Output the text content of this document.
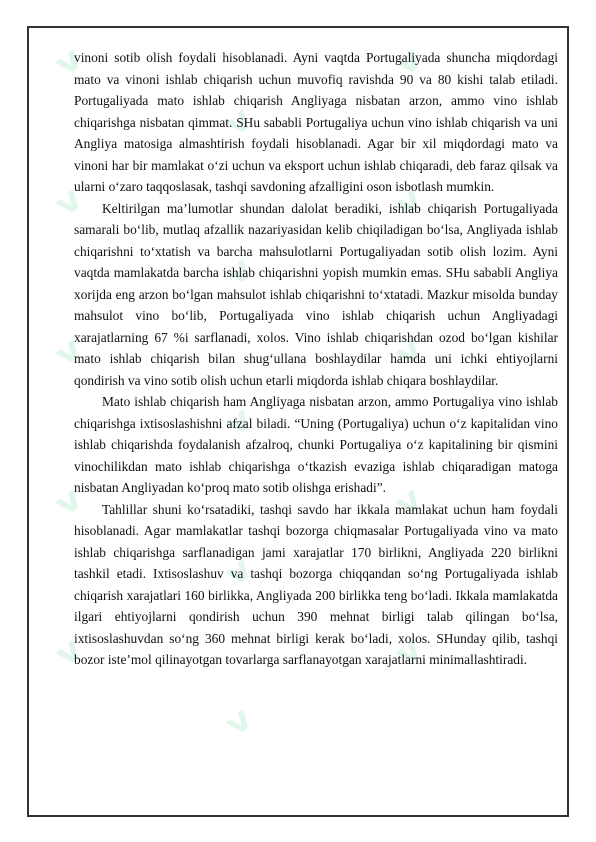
ᵛ
ᵛ
ᵛ
ᵛ
ᵛ
ᵛ
ᵛ
ᵛ
ᵛ
ᵛ
ᵛ
ᵛ
ᵛ
ᵛ
ᵛ

vinoni sotib olish foydali hisoblanadi. Ayni vaqtda Portugaliyada shuncha miqdordagi mato va vinoni ishlab chiqarish uchun muvofiq ravishda 90 va 80 kishi talab etiladi. Portugaliyada mato ishlab chiqarish Angliyaga nisbatan arzon, ammo vino ishlab chiqarishga nisbatan qimmat. SHu sababli Portugaliya uchun vino ishlab chiqarish va uni Angliya matosiga almashtirish foydali hisoblanadi. Agar bir xil miqdordagi mato va vinoni har bir mamlakat o‘zi uchun va eksport uchun ishlab chiqaradi, deb faraz qilsak va ularni o‘zaro taqqoslasak, tashqi savdoning afzalligini oson isbotlash mumkin.

Keltirilgan ma’lumotlar shundan dalolat beradiki, ishlab chiqarish Portugaliyada samarali bo‘lib, mutlaq afzallik nazariyasidan kelib chiqiladigan bo‘lsa, Angliyada ishlab chiqarishni to‘xtatish va barcha mahsulotlarni Portugaliyadan sotib olish lozim. Ayni vaqtda mamlakatda barcha ishlab chiqarishni yopish mumkin emas. SHu sababli Angliya xorijda eng arzon bo‘lgan mahsulot ishlab chiqarishni to‘xtatadi. Mazkur misolda bunday mahsulot vino bo‘lib, Portugaliyada vino ishlab chiqarish uchun Angliyadagi xarajatlarning 67 %i sarflanadi, xolos. Vino ishlab chiqarishdan ozod bo‘lgan kishilar mato ishlab chiqarish bilan shug‘ullana boshlaydilar hamda uni ichki ehtiyojlarni qondirish va vino sotib olish uchun etarli miqdorda ishlab chiqara boshlaydilar.

Mato ishlab chiqarish ham Angliyaga nisbatan arzon, ammo Portugaliya vino ishlab chiqarishga ixtisoslashishni afzal biladi. “Uning (Portugaliya) uchun o‘z kapitalidan vino ishlab chiqarishda foydalanish afzalroq, chunki Portugaliya o‘z kapitalining bir qismini vinochilikdan mato ishlab chiqarishga o‘tkazish evaziga ishlab chiqaradigan matoga nisbatan Angliyadan ko‘proq mato sotib olishga erishadi”.

Tahlillar shuni ko‘rsatadiki, tashqi savdo har ikkala mamlakat uchun ham foydali hisoblanadi. Agar mamlakatlar tashqi bozorga chiqmasalar Portugaliyada vino va mato ishlab chiqarishga sarflanadigan jami xarajatlar 170 birlikni, Angliyada 220 birlikni tashkil etadi. Ixtisoslashuv va tashqi bozorga chiqqandan so‘ng Portugaliyada ishlab chiqarish xarajatlari 160 birlikka, Angliyada 200 birlikka teng bo‘ladi. Ikkala mamlakatda ilgari ehtiyojlarni qondirish uchun 390 mehnat birligi talab qilingan bo‘lsa, ixtisoslashuvdan so‘ng 360 mehnat birligi kerak bo‘ladi, xolos. SHunday qilib, tashqi bozor iste’mol qilinayotgan tovarlarga sarflanayotgan xarajatlarni minimallashtiradi.
